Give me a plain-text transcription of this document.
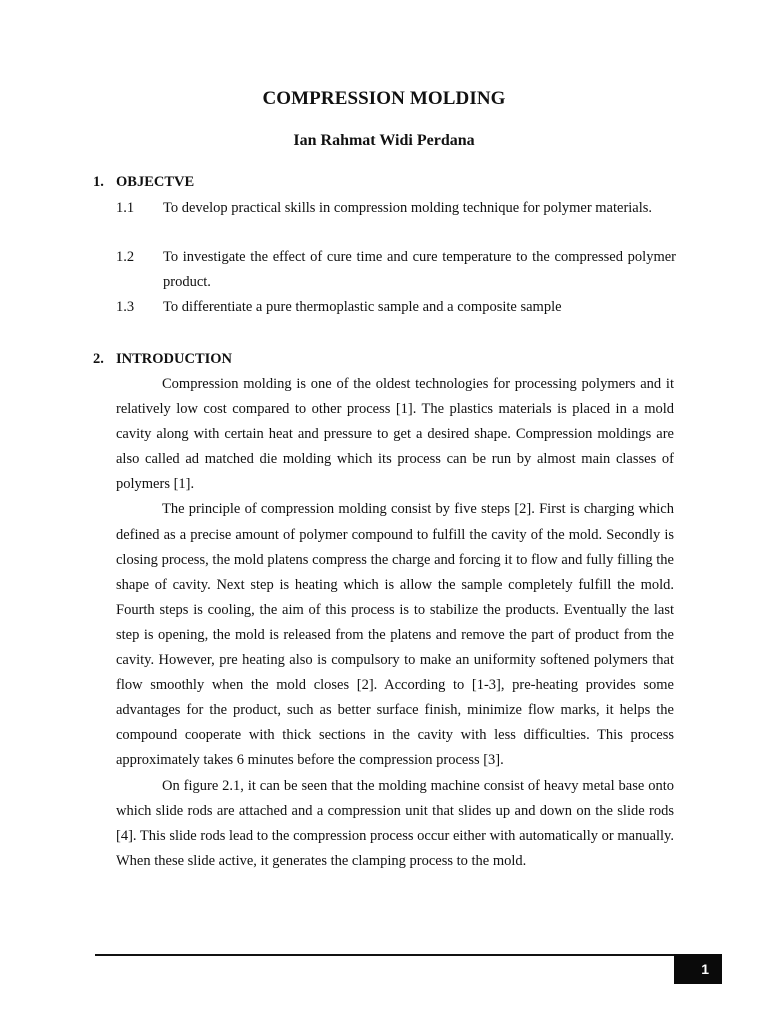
COMPRESSION MOLDING
Ian Rahmat Widi Perdana
1. OBJECTVE
1.1	To develop practical skills in compression molding technique for polymer materials.
1.2	To investigate the effect of cure time and cure temperature to the compressed polymer product.
1.3	To differentiate a pure thermoplastic sample and a composite sample
2. INTRODUCTION

Compression molding is one of the oldest technologies for processing polymers and it relatively low cost compared to other process [1]. The plastics materials is placed in a mold cavity along with certain heat and pressure to get a desired shape. Compression moldings are also called ad matched die molding which its process can be run by almost main classes of polymers [1].

The principle of compression molding consist by five steps [2]. First is charging which defined as a precise amount of polymer compound to fulfill the cavity of the mold. Secondly is closing process, the mold platens compress the charge and forcing it to flow and fully filling the shape of cavity. Next step is heating which is allow the sample completely fulfill the mold. Fourth steps is cooling, the aim of this process is to stabilize the products. Eventually the last step is opening, the mold is released from the platens and remove the part of product from the cavity. However, pre heating also is compulsory to make an uniformity softened polymers that flow smoothly when the mold closes [2]. According to [1-3], pre-heating provides some advantages for the product, such as better surface finish, minimize flow marks, it helps the compound cooperate with thick sections in the cavity with less difficulties. This process approximately takes 6 minutes before the compression process [3].

On figure 2.1, it can be seen that the molding machine consist of heavy metal base onto which slide rods are attached and a compression unit that slides up and down on the slide rods [4]. This slide rods lead to the compression process occur either with automatically or manually. When these slide active, it generates the clamping process to the mold.

1
